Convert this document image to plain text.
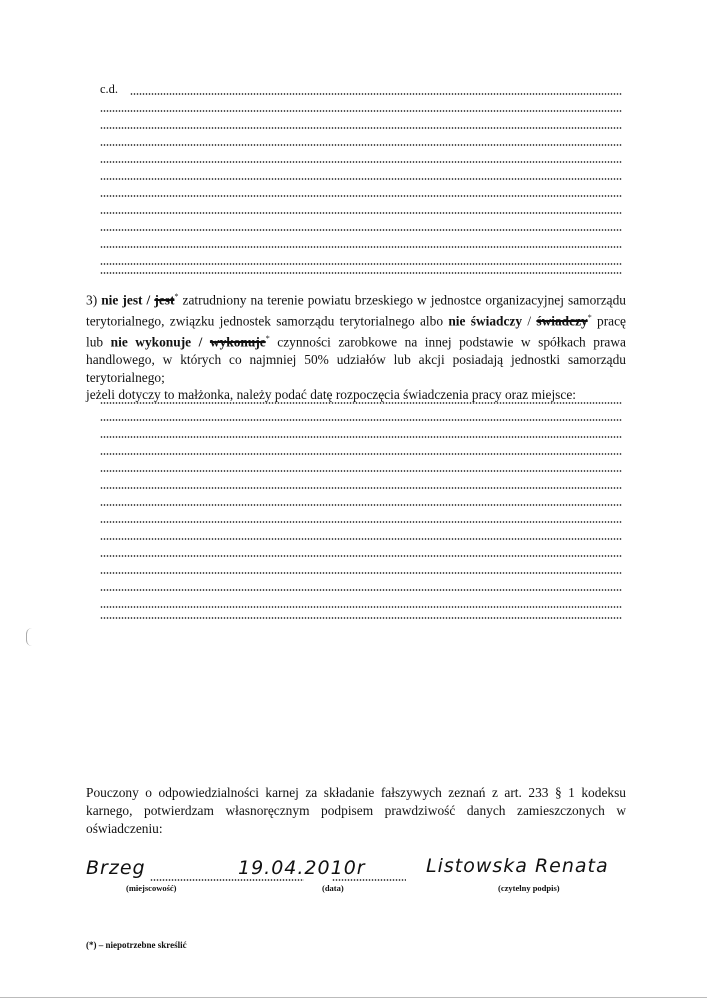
c.d.

3) nie jest / jest* zatrudniony na terenie powiatu brzeskiego w jednostce organizacyjnej samorządu terytorialnego, związku jednostek samorządu terytorialnego albo nie świadczy / świadczy* pracę lub nie wykonuje / wykonuje* czynności zarobkowe na innej podstawie w spółkach prawa handlowego, w których co najmniej 50% udziałów lub akcji posiadają jednostki samorządu terytorialnego;

jeżeli dotyczy to małżonka, należy podać datę rozpoczęcia świadczenia pracy oraz miejsce:

Pouczony o odpowiedzialności karnej za składanie fałszywych zeznań z art. 233 § 1 kodeksu karnego, potwierdzam własnoręcznym podpisem prawdziwość danych zamieszczonych w oświadczeniu:
Brzeg
(miejscowość)
19.04.2010r
(data)
Listowska Renata
(czytelny podpis)
(*) – niepotrzebne skreślić
